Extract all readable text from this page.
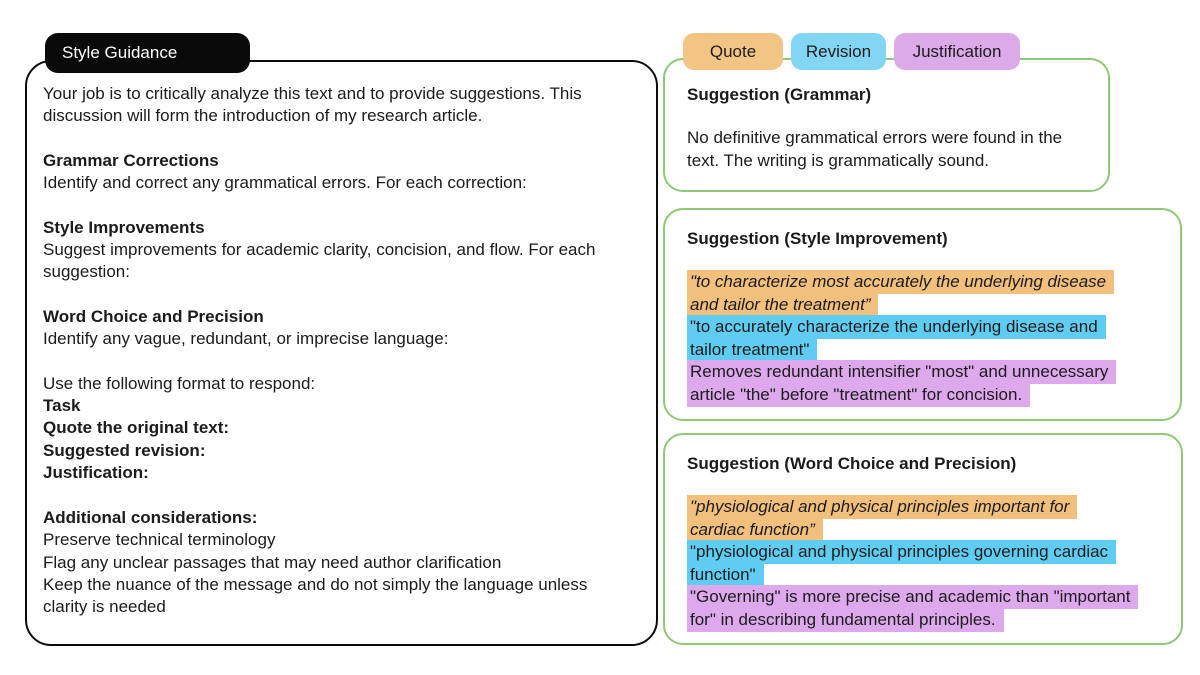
Style Guidance
Your job is to critically analyze this text and to provide suggestions. This
discussion will form the introduction of my research article.
Grammar Corrections
Identify and correct any grammatical errors. For each correction:
Style Improvements
Suggest improvements for academic clarity, concision, and flow. For each
suggestion:
Word Choice and Precision
Identify any vague, redundant, or imprecise language:
Use the following format to respond:
Task
Quote the original text:
Suggested revision:
Justification:
Additional considerations:
Preserve technical terminology
Flag any unclear passages that may need author clarification
Keep the nuance of the message and do not simply the language unless
clarity is needed
Quote	Revision Justification
Suggestion (Grammar)
No definitive grammatical errors were found in the
text. The writing is grammatically sound.
Suggestion (Style Improvement)
"to characterize most accurately the underlying disease
and tailor the treatment”
"to accurately characterize the underlying disease and
tailor treatment"
Removes redundant intensifier "most" and unnecessary
article "the" before "treatment" for concision.
Suggestion (Word Choice and Precision)
"physiological and physical principles important for
cardiac function”
"physiological and physical principles governing cardiac
function"
"Governing" is more precise and academic than "important
for" in describing fundamental principles.
